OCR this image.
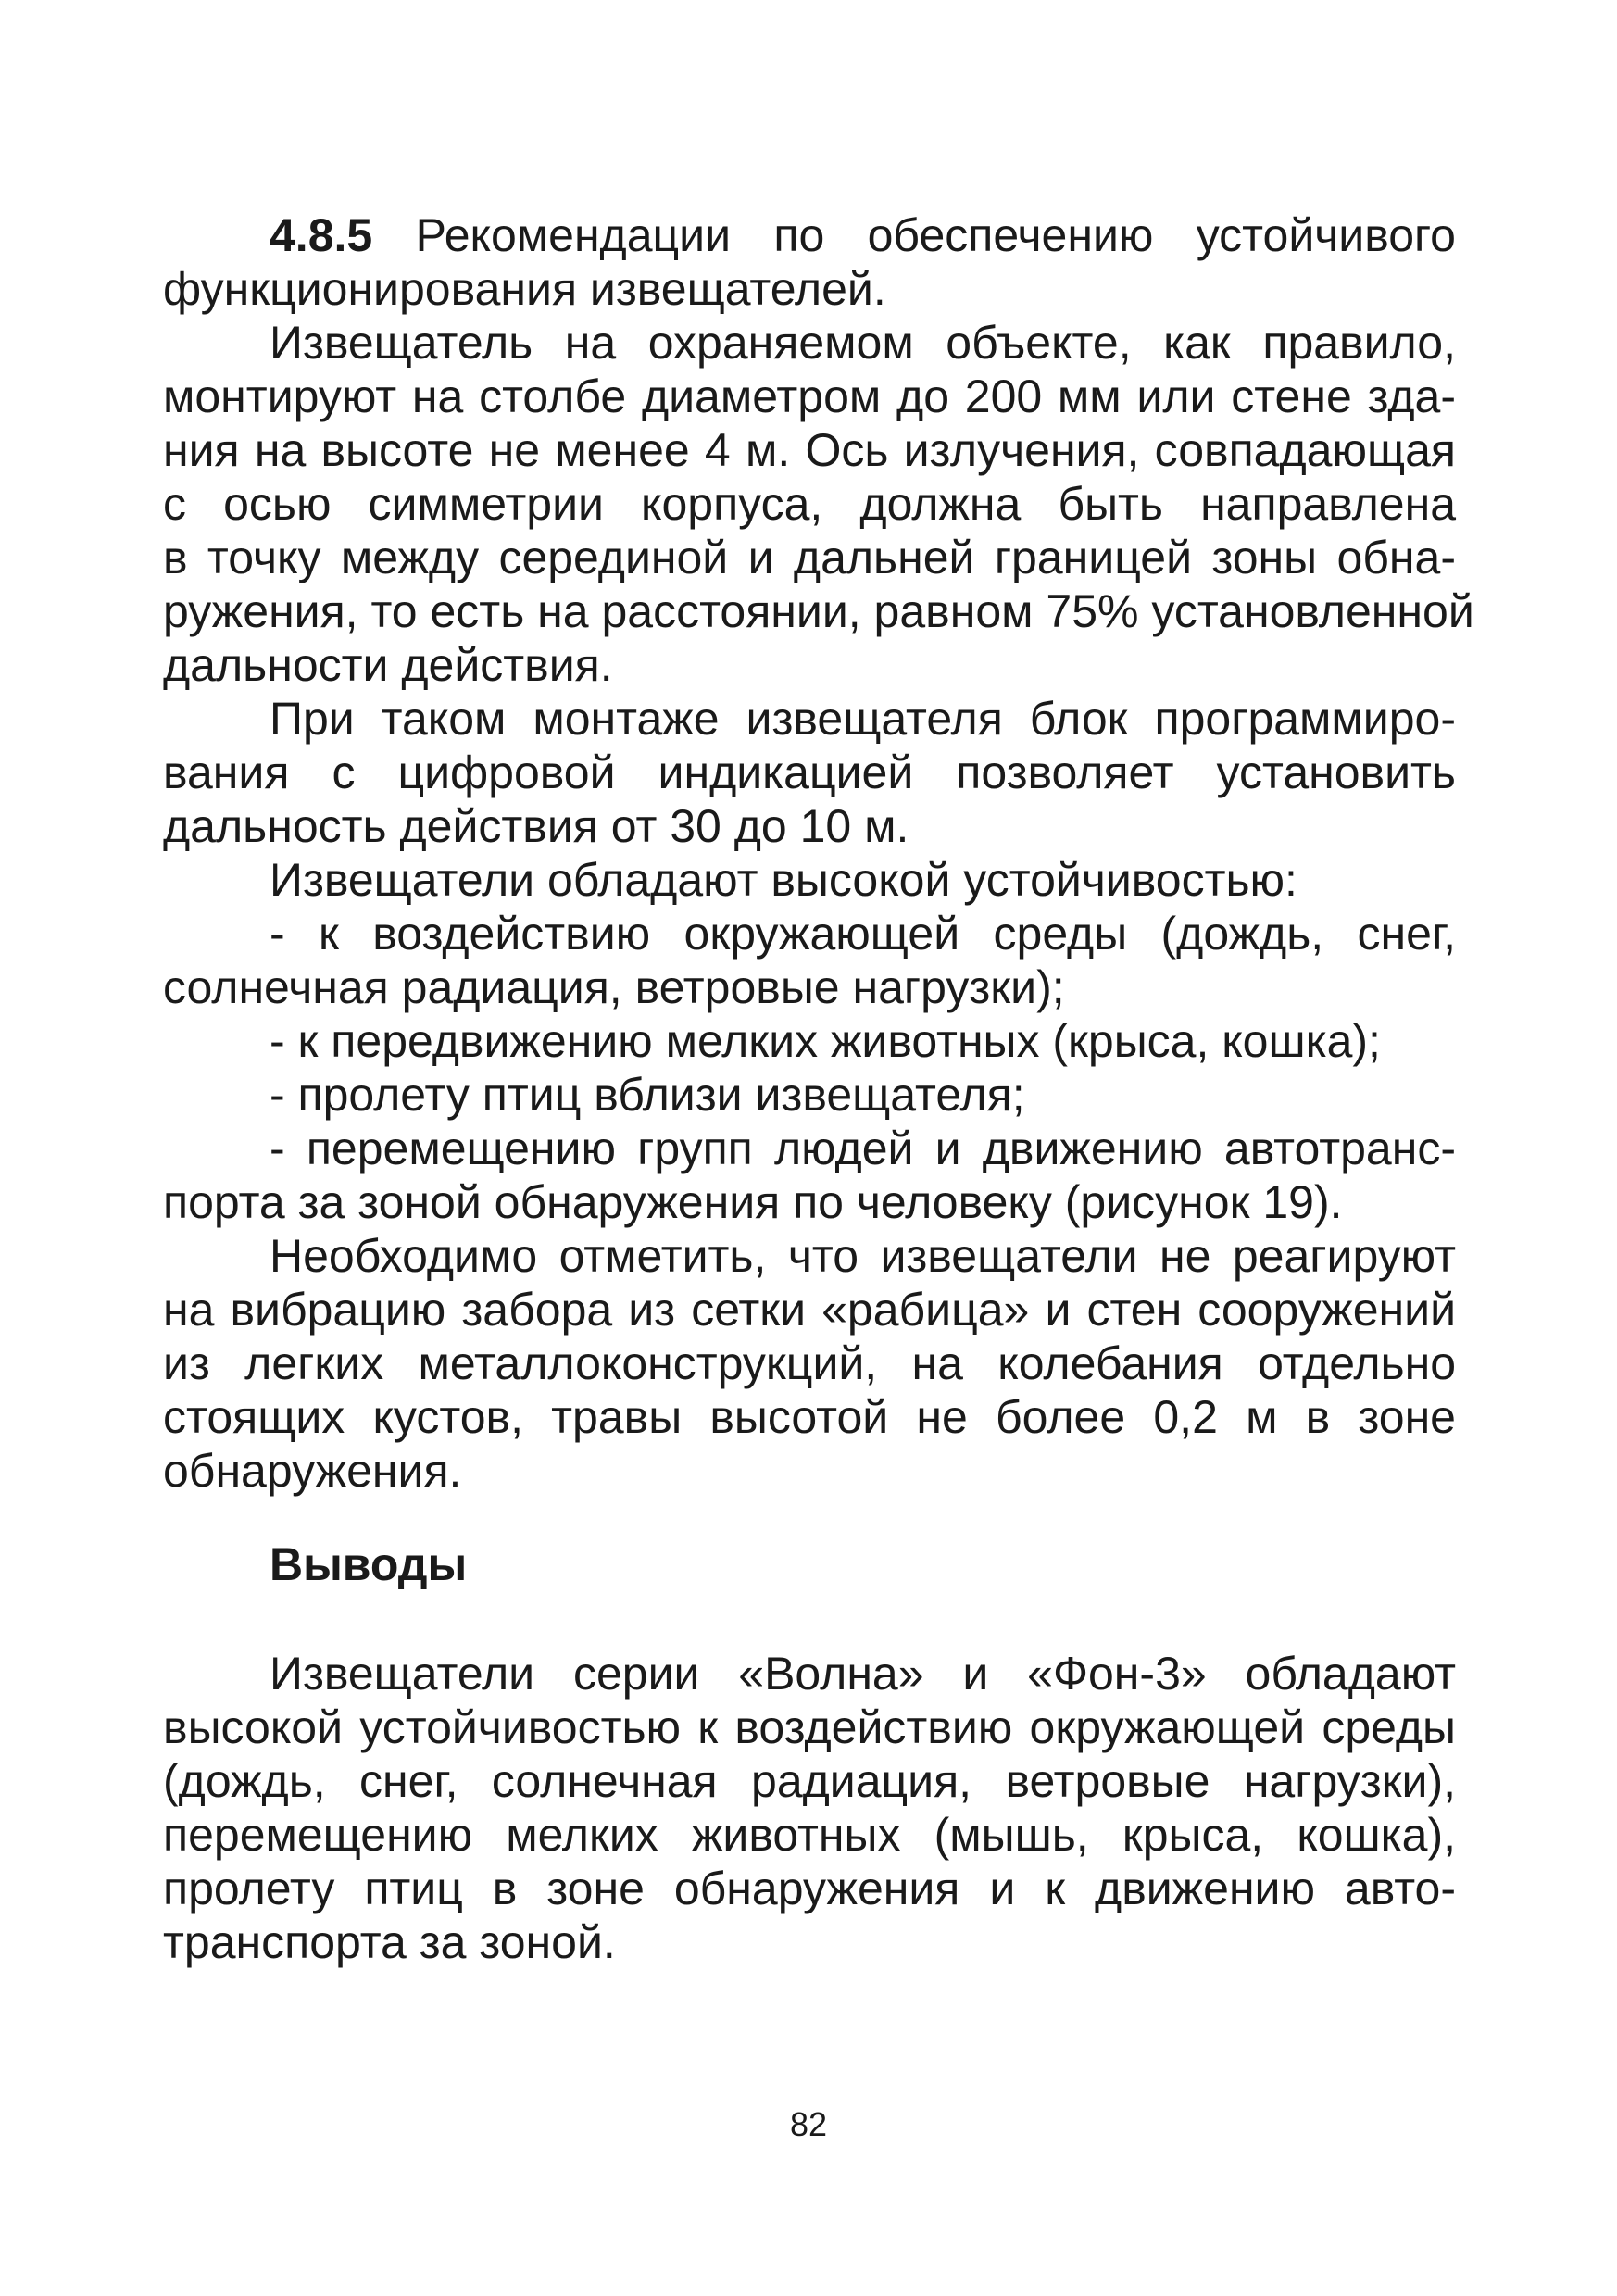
4.8.5 Рекомендации по обеспечению устойчивого
функционирования извещателей.
Извещатель на охраняемом объекте, как правило,
монтируют на столбе диаметром до 200 мм или стене зда-
ния на высоте не менее 4 м. Ось излучения, совпадающая
с осью симметрии корпуса, должна быть направлена
в точку между серединой и дальней границей зоны обна-
ружения, то есть на расстоянии, равном 75% установленной
дальности действия.
При таком монтаже извещателя блок программиро-
вания с цифровой индикацией позволяет установить
дальность действия от 30 до 10 м.
Извещатели обладают высокой устойчивостью:
- к воздействию окружающей среды (дождь, снег,
солнечная радиация, ветровые нагрузки);
- к передвижению мелких животных (крыса, кошка);
- пролету птиц вблизи извещателя;
- перемещению групп людей и движению автотранс-
порта за зоной обнаружения по человеку (рисунок 19).
Необходимо отметить, что извещатели не реагируют
на вибрацию забора из сетки «рабица» и стен сооружений
из легких металлоконструкций, на колебания отдельно
стоящих кустов, травы высотой не более 0,2 м в зоне
обнаружения.
Выводы
Извещатели серии «Волна» и «Фон-3» обладают
высокой устойчивостью к воздействию окружающей среды
(дождь, снег, солнечная радиация, ветровые нагрузки),
перемещению мелких животных (мышь, крыса, кошка),
пролету птиц в зоне обнаружения и к движению авто-
транспорта за зоной.
82
